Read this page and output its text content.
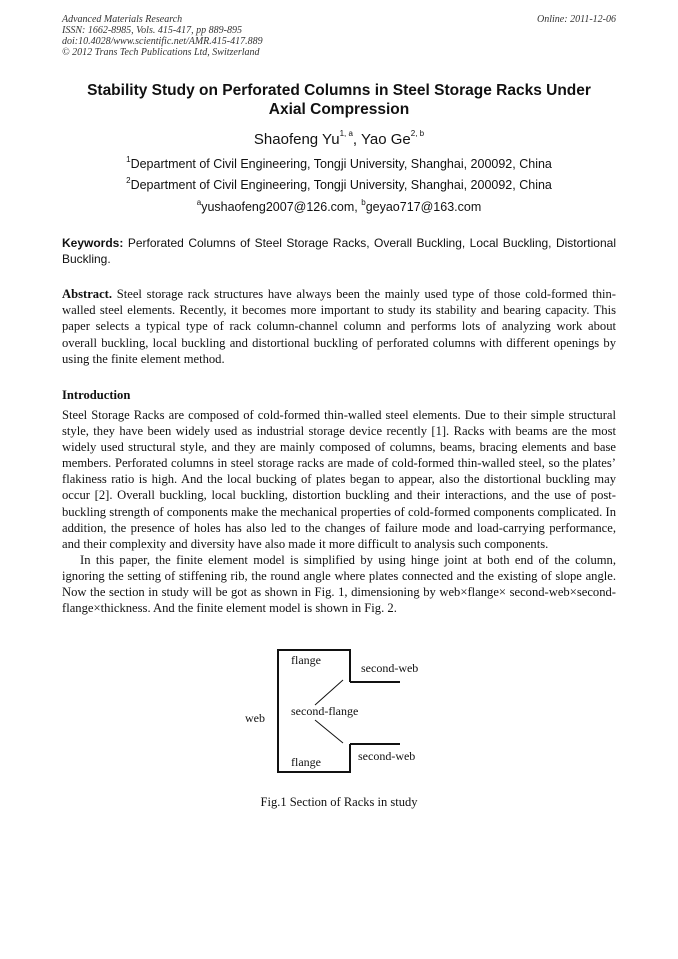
Advanced Materials Research
ISSN: 1662-8985, Vols. 415-417, pp 889-895
doi:10.4028/www.scientific.net/AMR.415-417.889
© 2012 Trans Tech Publications Ltd, Switzerland
Online: 2011-12-06
Stability Study on Perforated Columns in Steel Storage Racks Under
Axial Compression
Shaofeng Yu$^{1, a}$, Yao Ge$^{2, b}$
$^1$Department of Civil Engineering, Tongji University, Shanghai, 200092, China
$^2$Department of Civil Engineering, Tongji University, Shanghai, 200092, China
$^a$yushaofeng2007@126.com, $^b$geyao717@163.com
Keywords: Perforated Columns of Steel Storage Racks, Overall Buckling, Local Buckling, Distortional Buckling.
Abstract. Steel storage rack structures have always been the mainly used type of those cold-formed thin-walled steel elements. Recently, it becomes more important to study its stability and bearing capacity. This paper selects a typical type of rack column-channel column and performs lots of analyzing work about overall buckling, local buckling and distortional buckling of perforated columns with different openings by using the finite element method.
Introduction

Steel Storage Racks are composed of cold-formed thin-walled steel elements. Due to their simple structural style, they have been widely used as industrial storage device recently [1]. Racks with beams are the most widely used structural style, and they are mainly composed of columns, beams, bracing elements and base members. Perforated columns in steel storage racks are made of cold-formed thin-walled steel, so the plates’ flakiness ratio is high. And the local bucking of plates began to appear, also the distortional buckling may occur [2]. Overall buckling, local buckling, distortion buckling and their interactions, and the use of post-buckling strength of components make the mechanical properties of cold-formed components complicated. In addition, the presence of holes has also led to the changes of failure mode and load-carrying performance, and their complexity and diversity have also made it more difficult to analysis such components.

In this paper, the finite element model is simplified by using hinge joint at both end of the column, ignoring the setting of stiffening rib, the round angle where plates connected and the existing of slope angle. Now the section in study will be got as shown in Fig. 1, dimensioning by web×flange× second-web×second-flange×thickness. And the finite element model is shown in Fig. 2.

flange
second-web
web second-flange
flange	second-web
Fig.1 Section of Racks in study
